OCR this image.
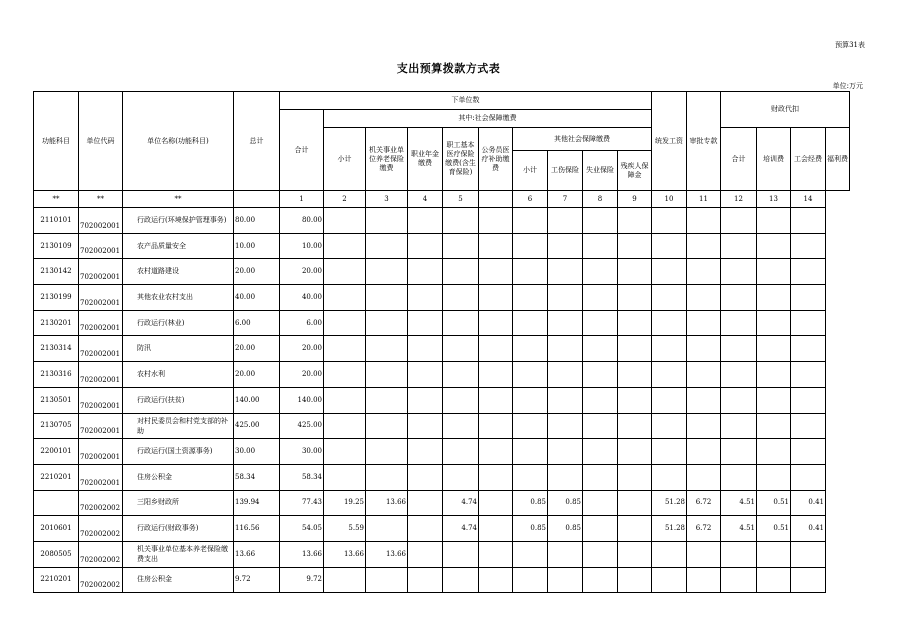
预算31表
支出预算拨款方式表
单位:万元
功能科目	单位代码	单位名称(功能科目)	总计	下单位数										统发工资	审批专款	财政代扣			
				合计	其中:社会保障缴费														
					小计	机关事业单位养老保险缴费	职业年金缴费	职工基本医疗保险缴费(含生育保险)	公务员医疗补助缴费	其他社会保障缴费						合计	培训费	工会经费	福利费
										小计	工伤保险	失业保险	残疾人保障金						
**	**	**		1	2	3	4	5		6	7	8	9	10	11	12	13	14	
2110101	702002001	行政运行(环境保护管理事务)	80.00	80.00															
2130109	702002001	农产品质量安全	10.00	10.00															
2130142	702002001	农村道路建设	20.00	20.00															
2130199	702002001	其他农业农村支出	40.00	40.00															
2130201	702002001	行政运行(林业)	6.00	6.00															
2130314	702002001	防汛	20.00	20.00															
2130316	702002001	农村水利	20.00	20.00															
2130501	702002001	行政运行(扶贫)	140.00	140.00															
2130705	702002001	对村民委员会和村党支部的补助	425.00	425.00															
2200101	702002001	行政运行(国土资源事务)	30.00	30.00															
2210201	702002001	住房公积金	58.34	58.34															
	702002002	三阳乡财政所	139.94	77.43	19.25	13.66		4.74		0.85	0.85			51.28	6.72	4.51	0.51	0.41	
2010601	702002002	行政运行(财政事务)	116.56	54.05	5.59			4.74		0.85	0.85			51.28	6.72	4.51	0.51	0.41	
2080505	702002002	机关事业单位基本养老保险缴费支出	13.66	13.66	13.66	13.66													
2210201	702002002	住房公积金	9.72	9.72															
